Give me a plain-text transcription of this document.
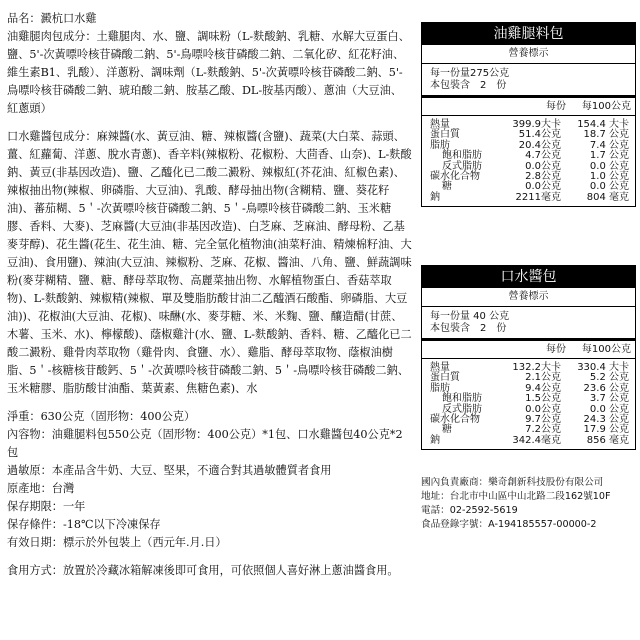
品名：澱杭口水雞

油雞腿肉包成分：土雞腿肉、水、鹽、調味粉（L-麩酸鈉、乳糖、水解大豆蛋白、鹽、5'-次黃嘌呤核苷磷酸二鈉、5'-鳥嘌呤核苷磷酸二鈉、二氧化矽、紅花籽油、維生素B1、乳酸）、洋蔥粉、調味劑（L-麩酸鈉、5'-次黃嘌呤核苷磷酸二鈉、5'-鳥嘌呤核苷磷酸二鈉、琥珀酸二鈉、胺基乙酸、DL-胺基丙酸）、蔥油（大豆油、紅蔥頭）

口水雞醬包成分：麻辣醬(水、黃豆油、糖、辣椒醬(含鹽)、蔬菜(大白菜、蒜頭、薑、紅蘿蔔、洋蔥、脫水青蔥)、香辛料(辣椒粉、花椒粉、大茴香、山奈)、L-麩酸鈉、黃豆(非基因改造)、鹽、乙醯化已二酸二澱粉、辣椒紅(芥花油、紅椒色素)、辣椒抽出物(辣椒、卵磷脂、大豆油)、乳酸、酵母抽出物(含糊精、鹽、葵花籽油)、蕃茄糊、5＇-次黃嘌呤核苷磷酸二鈉、5＇-鳥嘌呤核苷磷酸二鈉、玉米糖膠、香料、大麥)、芝麻醬(大豆油(非基因改造)、白芝麻、芝麻油、酵母粉、乙基麥芽醇)、花生醬(花生、花生油、糖、完全氫化植物油(油菜籽油、精煉棉籽油、大豆油)、食用鹽)、辣油(大豆油、辣椒粉、芝麻、花椒、醬油、八角、鹽、鮮蔬調味粉(麥芽糊精、鹽、糖、酵母萃取物、高麗菜抽出物、水解植物蛋白、香菇萃取物)、L-麩酸鈉、辣椒精(辣椒、單及雙脂肪酸甘油二乙醯酒石酸酯、卵磷脂、大豆油))、花椒油(大豆油、花椒)、味醂(水、麥芽糖、米、米麴、鹽、釀造醋(甘蔗、木薯、玉米、水)、檸檬酸)、蔭椒雞汁(水、鹽、L-麩酸鈉、香料、糖、乙醯化已二酸二澱粉、雞骨肉萃取物（雞骨肉、食鹽、水）、雞脂、酵母萃取物、蔭椒油樹脂、5＇-核糖核苷酸鈣、5＇-次黃嘌呤核苷磷酸二鈉、5＇-鳥嘌呤核苷磷酸二鈉、玉米糖膠、脂肪酸甘油酯、葉黃素、焦糖色素)、水

淨重：630公克（固形物：400公克）

內容物：油雞腿料包550公克（固形物：400公克）*1包、口水雞醬包40公克*2包

過敏原：本產品含牛奶、大豆、堅果，不適合對其過敏體質者食用

原產地：台灣

保存期限：一年

保存條件：-18℃以下冷凍保存

有效日期：標示於外包裝上（西元年.月.日）

食用方式：放置於冷藏冰箱解凍後即可食用，可依照個人喜好淋上蔥油醬食用。

油雞腿料包
營養標示
每一份量275公克
本包裝含　2　份
每份 每100公克
熱量	399.9大卡	154.4 大卡
蛋白質	51.4公克	18.7 公克
脂肪	20.4公克	7.4 公克
飽和脂肪	4.7公克	1.7 公克
反式脂肪	0.0公克	0.0 公克
碳水化合物	2.8公克	1.0 公克
糖	0.0公克	0.0 公克
鈉	2211毫克	804 毫克
口水醬包
營養標示
每一份量 40 公克
本包裝含　2　份
每份 每100公克
熱量	132.2大卡	330.4 大卡
蛋白質	2.1公克	5.2 公克
脂肪	9.4公克	23.6 公克
飽和脂肪	1.5公克	3.7 公克
反式脂肪	0.0公克	0.0 公克
碳水化合物	9.7公克	24.3 公克
糖	7.2公克	17.9 公克
鈉	342.4毫克	856 毫克

國內負責廠商：樂奇創新科技股份有限公司

地址：台北市中山區中山北路二段162號10F

電話：02-2592-5619

食品登錄字號：A-194185557-00000-2
